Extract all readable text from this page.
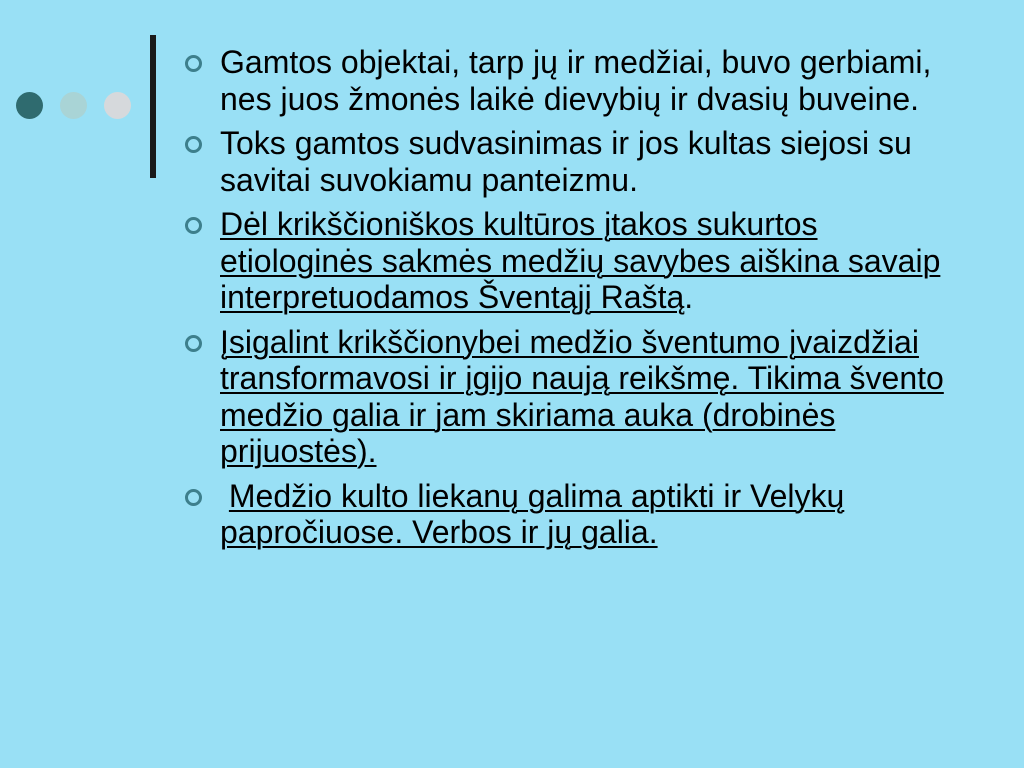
Gamtos objektai, tarp jų ir medžiai, buvo gerbiami, nes juos žmonės laikė dievybių ir dvasių buveine.
Toks gamtos sudvasinimas ir jos kultas siejosi su savitai suvokiamu panteizmu.
Dėl krikščioniškos kultūros įtakos sukurtos etiologinės sakmės medžių savybes aiškina savaip interpretuodamos Šventąjį Raštą.
Įsigalint krikščionybei medžio šventumo įvaizdžiai transformavosi ir įgijo naują reikšmę. Tikima švento medžio galia ir jam skiriama auka (drobinės prijuostės).
Medžio kulto liekanų galima aptikti ir Velykų papročiuose. Verbos ir jų galia.
